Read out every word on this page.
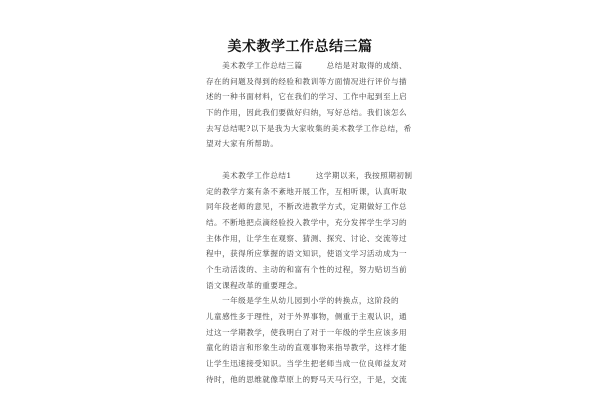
美术教学工作总结三篇
　　美术教学工作总结三篇　　　总结是对取得的成绩、
存在的问题及得到的经验和教训等方面情况进行评价与描
述的一种书面材料，它在我们的学习、工作中起到至上启
下的作用，因此我们要做好归纳，写好总结。我们该怎么
去写总结呢?以下是我为大家收集的美术教学工作总结，希
望对大家有所帮助。
　　美术教学工作总结1　　　这学期以来，我按照期初制
定的教学方案有条不紊地开展工作，互相听课，认真听取
同年段老师的意见，不断改进教学方式，定期做好工作总
结。不断地把点滴经验投入教学中，充分发挥学生学习的
主体作用，让学生在观察、猜测、探究、讨论、交流等过
程中，获得所应掌握的语文知识，使语文学习活动成为一
个生动活泼的、主动的和富有个性的过程，努力贴切当前
语文课程改革的重要理念。
　　一年级是学生从幼儿园到小学的转换点，这阶段的
儿童感性多于理性，对于外界事物，侧重于主观认识，通
过这一学期教学，使我明白了对于一年级的学生应该多用
童化的语言和形象生动的直观事物来指导教学，这样才能
让学生迅速接受知识。当学生把老师当成一位良师益友对
待时，他的思维就像草原上的野马天马行空，于是，交流
